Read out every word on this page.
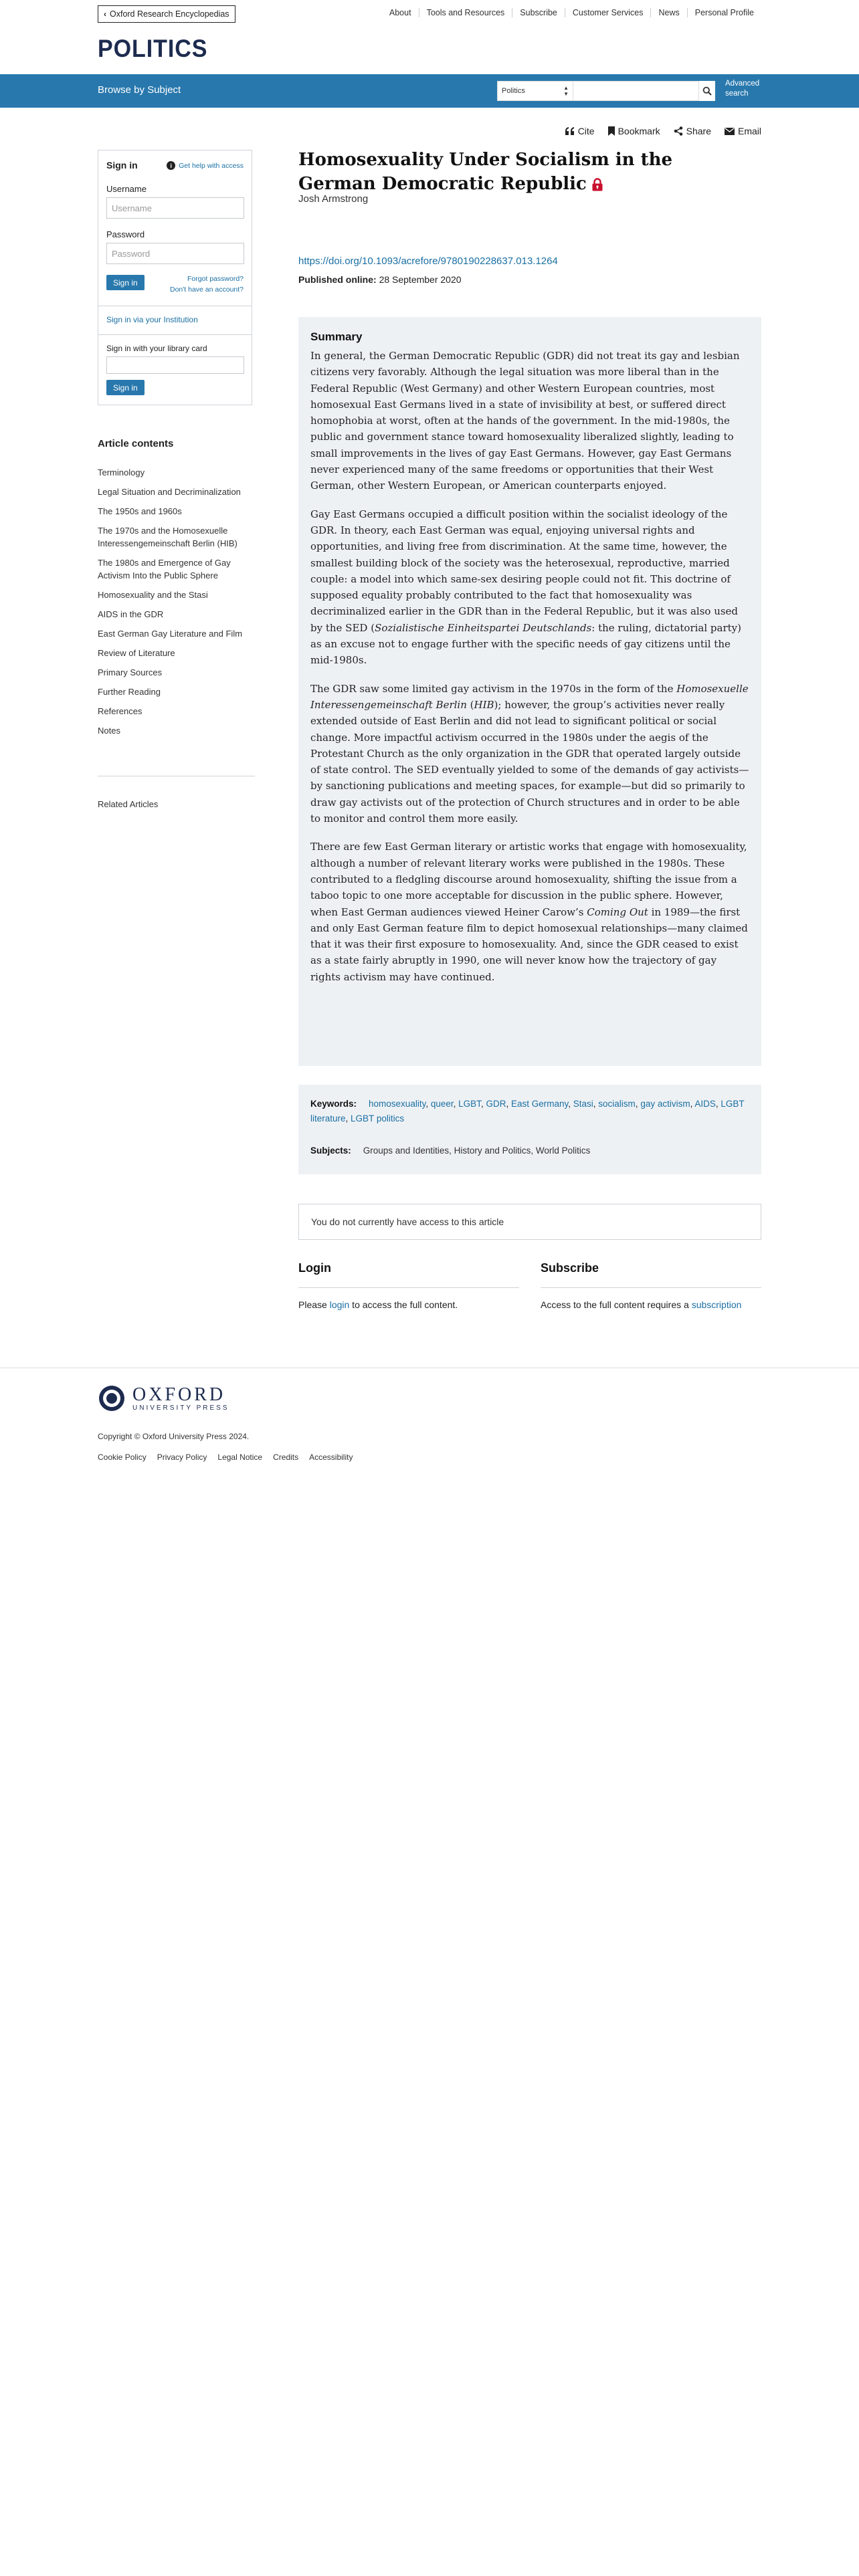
‹ Oxford Research Encyclopedias	About	Tools and Resources	Subscribe	Customer Services	News	Personal Profile
POLITICS
Browse by Subject	Politics	▲
▼
Advanced
search
Cite	Bookmark	Share	Email
Sign in	i Get help with access
Username
Username
Password
Password
Sign in	Forgot password?
Don't have an account?
Sign in via your Institution
Sign in with your library card
Sign in
Article contents
Terminology
Legal Situation and Decriminalization
The 1950s and 1960s
The 1970s and the Homosexuelle Interessengemeinschaft Berlin (HIB)
The 1980s and Emergence of Gay Activism Into the Public Sphere
Homosexuality and the Stasi
AIDS in the GDR
East German Gay Literature and Film
Review of Literature
Primary Sources
Further Reading
References
Notes
Related Articles
Homosexuality Under Socialism in the German Democratic Republic
Josh Armstrong
https://doi.org/10.1093/acrefore/9780190228637.013.1264
Published online: 28 September 2020
Summary

In general, the German Democratic Republic (GDR) did not treat its gay and lesbian citizens very favorably. Although the legal situation was more liberal than in the Federal Republic (West Germany) and other Western European countries, most homosexual East Germans lived in a state of invisibility at best, or suffered direct homophobia at worst, often at the hands of the government. In the mid-1980s, the public and government stance toward homosexuality liberalized slightly, leading to small improvements in the lives of gay East Germans. However, gay East Germans never experienced many of the same freedoms or opportunities that their West German, other Western European, or American counterparts enjoyed.

Gay East Germans occupied a difficult position within the socialist ideology of the GDR. In theory, each East German was equal, enjoying universal rights and opportunities, and living free from discrimination. At the same time, however, the smallest building block of the society was the heterosexual, reproductive, married couple: a model into which same-sex desiring people could not fit. This doctrine of supposed equality probably contributed to the fact that homosexuality was decriminalized earlier in the GDR than in the Federal Republic, but it was also used by the SED (Sozialistische Einheitspartei Deutschlands: the ruling, dictatorial party) as an excuse not to engage further with the specific needs of gay citizens until the mid-1980s.

The GDR saw some limited gay activism in the 1970s in the form of the Homosexuelle Interessengemeinschaft Berlin (HIB); however, the group’s activities never really extended outside of East Berlin and did not lead to significant political or social change. More impactful activism occurred in the 1980s under the aegis of the Protestant Church as the only organization in the GDR that operated largely outside of state control. The SED eventually yielded to some of the demands of gay activists—by sanctioning publications and meeting spaces, for example—but did so primarily to draw gay activists out of the protection of Church structures and in order to be able to monitor and control them more easily.

There are few East German literary or artistic works that engage with homosexuality, although a number of relevant literary works were published in the 1980s. These contributed to a fledgling discourse around homosexuality, shifting the issue from a taboo topic to one more acceptable for discussion in the public sphere. However, when East German audiences viewed Heiner Carow’s Coming Out in 1989—the first and only East German feature film to depict homosexual relationships—many claimed that it was their first exposure to homosexuality. And, since the GDR ceased to exist as a state fairly abruptly in 1990, one will never know how the trajectory of gay rights activism may have continued.

Keywords: homosexuality, queer, LGBT, GDR, East Germany, Stasi, socialism, gay activism, AIDS, LGBT literature, LGBT politics
Subjects: Groups and Identities, History and Politics, World Politics
You do not currently have access to this article
Login	Subscribe
Please login to access the full content.	Access to the full content requires a subscription
OXFORD
UNIVERSITY PRESS
Copyright © Oxford University Press 2024.
Cookie Policy Privacy Policy Legal Notice Credits Accessibility
